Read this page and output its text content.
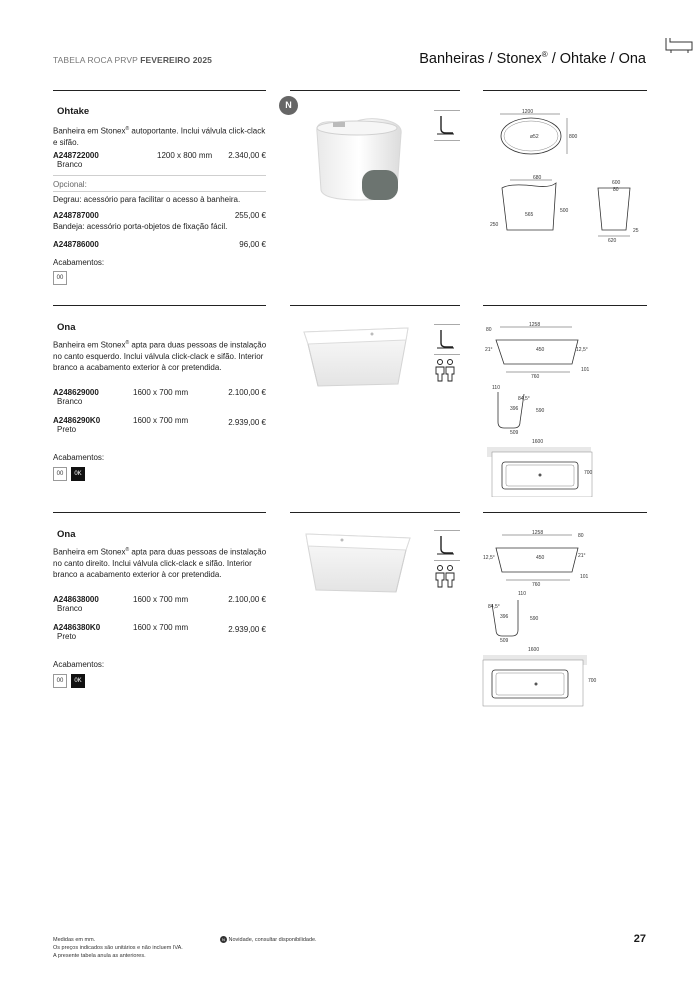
TABELA ROCA PRVP FEVEREIRO 2025	Banheiras / Stonex® / Ohtake / Ona
Ohtake
Banheira em Stonex® autoportante. Inclui válvula click-clack e sifão.
A248722000	1200 x 800 mm 2.340,00 €
Branco
Opcional:
Degrau: acessório para facilitar o acesso à banheira.
A248787000	255,00 €
Bandeja: acessório porta-objetos de fixação fácil.
A248786000	96,00 €
Acabamentos:
00
N
1200
ø52	800
680
565
250
500
600
80
25
620
Ona
Banheira em Stonex® apta para duas pessoas de instalação no canto esquerdo. Inclui válvula click-clack e sifão. Interior branco a acabamento exterior à cor pretendida.
A248629000	1600 x 700 mm	2.100,00 €
Branco
A2486290K0	1600 x 700 mm	2.939,00 €
Preto
Acabamentos:
00	0K
1258
80
21°	12,5°
450
760
101
110
84,5°
396	590
509
1600
700
Ona
Banheira em Stonex® apta para duas pessoas de instalação no canto direito. Inclui válvula click-clack e sifão. Interior branco a acabamento exterior à cor pretendida.
A248638000	1600 x 700 mm	2.100,00 €
Branco
A2486380K0	1600 x 700 mm	2.939,00 €
Preto
Acabamentos:
00	0K
1258	80
12,5°	21°
450
760
101
110
84,5°
396	590
509
1600
700
Medidas em mm.
Os preços indicados são unitários e não incluem IVA.
A presente tabela anula as anteriores.
N Novidade, consultar disponibilidade.	27
